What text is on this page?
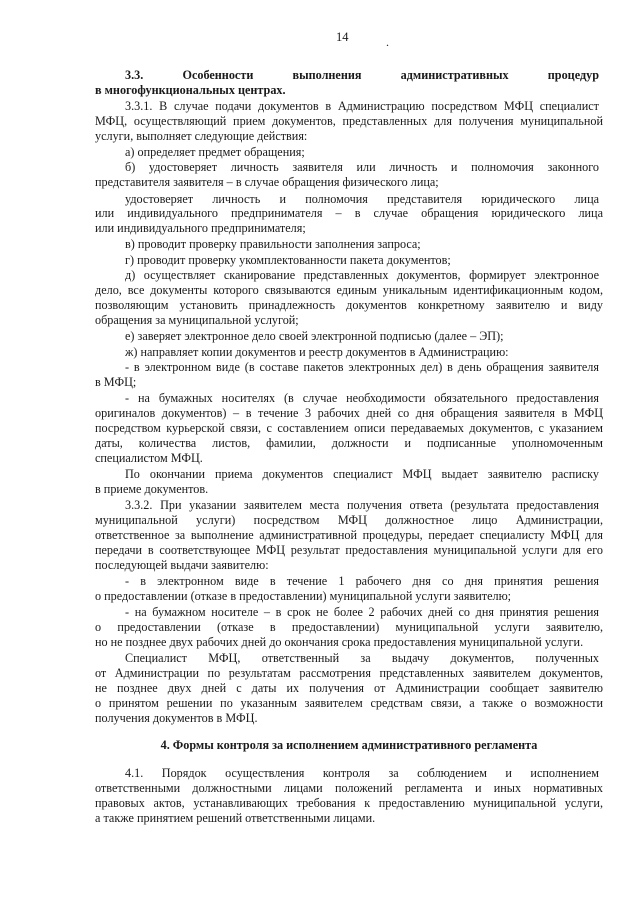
14	.
3.3. Особенности выполнения административных процедур
в многофункциональных центрах.
3.3.1. В случае подачи документов в Администрацию посредством МФЦ специалист
МФЦ, осуществляющий прием документов, представленных для получения муниципальной
услуги, выполняет следующие действия:
а) определяет предмет обращения;
б) удостоверяет личность заявителя или личность и полномочия законного
представителя заявителя – в случае обращения физического лица;
удостоверяет личность и полномочия представителя юридического лица
или индивидуального предпринимателя – в случае обращения юридического лица
или индивидуального предпринимателя;
в) проводит проверку правильности заполнения запроса;
г) проводит проверку укомплектованности пакета документов;
д) осуществляет сканирование представленных документов, формирует электронное
дело, все документы которого связываются единым уникальным идентификационным кодом,
позволяющим установить принадлежность документов конкретному заявителю и виду
обращения за муниципальной услугой;
е) заверяет электронное дело своей электронной подписью (далее – ЭП);
ж) направляет копии документов и реестр документов в Администрацию:
- в электронном виде (в составе пакетов электронных дел) в день обращения заявителя
в МФЦ;
- на бумажных носителях (в случае необходимости обязательного предоставления
оригиналов документов) – в течение 3 рабочих дней со дня обращения заявителя в МФЦ
посредством курьерской связи, с составлением описи передаваемых документов, с указанием
даты, количества листов, фамилии, должности и подписанные уполномоченным
специалистом МФЦ.
По окончании приема документов специалист МФЦ выдает заявителю расписку
в приеме документов.
3.3.2. При указании заявителем места получения ответа (результата предоставления
муниципальной услуги) посредством МФЦ должностное лицо Администрации,
ответственное за выполнение административной процедуры, передает специалисту МФЦ для
передачи в соответствующее МФЦ результат предоставления муниципальной услуги для его
последующей выдачи заявителю:
- в электронном виде в течение 1 рабочего дня со дня принятия решения
о предоставлении (отказе в предоставлении) муниципальной услуги заявителю;
- на бумажном носителе – в срок не более 2 рабочих дней со дня принятия решения
о предоставлении (отказе в предоставлении) муниципальной услуги заявителю,
но не позднее двух рабочих дней до окончания срока предоставления муниципальной услуги.
Специалист МФЦ, ответственный за выдачу документов, полученных
от Администрации по результатам рассмотрения представленных заявителем документов,
не позднее двух дней с даты их получения от Администрации сообщает заявителю
о принятом решении по указанным заявителем средствам связи, а также о возможности
получения документов в МФЦ.
4. Формы контроля за исполнением административного регламента
4.1. Порядок осуществления контроля за соблюдением и исполнением
ответственными должностными лицами положений регламента и иных нормативных
правовых актов, устанавливающих требования к предоставлению муниципальной услуги,
а также принятием решений ответственными лицами.
